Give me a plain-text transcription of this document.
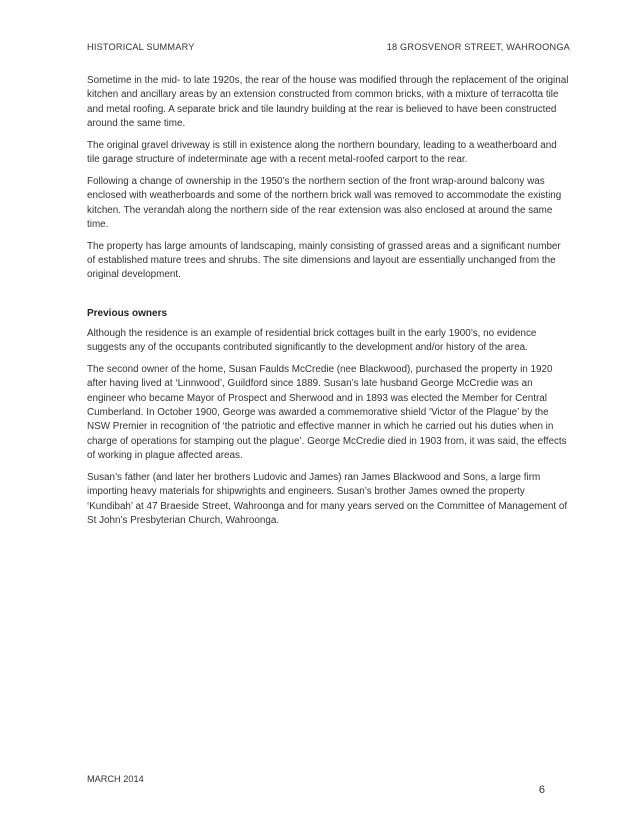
HISTORICAL SUMMARY	18 GROSVENOR STREET, WAHROONGA

Sometime in the mid- to late 1920s, the rear of the house was modified through the replacement of the original kitchen and ancillary areas by an extension constructed from common bricks, with a mixture of terracotta tile and metal roofing. A separate brick and tile laundry building at the rear is believed to have been constructed around the same time.

The original gravel driveway is still in existence along the northern boundary, leading to a weatherboard and tile garage structure of indeterminate age with a recent metal-roofed carport to the rear.

Following a change of ownership in the 1950’s the northern section of the front wrap-around balcony was enclosed with weatherboards and some of the northern brick wall was removed to accommodate the existing kitchen. The verandah along the northern side of the rear extension was also enclosed at around the same time.

The property has large amounts of landscaping, mainly consisting of grassed areas and a significant number of established mature trees and shrubs. The site dimensions and layout are essentially unchanged from the original development.

Previous owners

Although the residence is an example of residential brick cottages built in the early 1900’s, no evidence suggests any of the occupants contributed significantly to the development and/or history of the area.

The second owner of the home, Susan Faulds McCredie (nee Blackwood), purchased the property in 1920 after having lived at ‘Linnwood’, Guildford since 1889. Susan’s late husband George McCredie was an engineer who became Mayor of Prospect and Sherwood and in 1893 was elected the Member for Central Cumberland. In October 1900, George was awarded a commemorative shield ‘Victor of the Plague’ by the NSW Premier in recognition of ‘the patriotic and effective manner in which he carried out his duties when in charge of operations for stamping out the plague’. George McCredie died in 1903 from, it was said, the effects of working in plague affected areas.

Susan’s father (and later her brothers Ludovic and James) ran James Blackwood and Sons, a large firm importing heavy materials for shipwrights and engineers. Susan’s brother James owned the property ‘Kundibah’ at 47 Braeside Street, Wahroonga and for many years served on the Committee of Management of St John’s Presbyterian Church, Wahroonga.

MARCH 2014
6
